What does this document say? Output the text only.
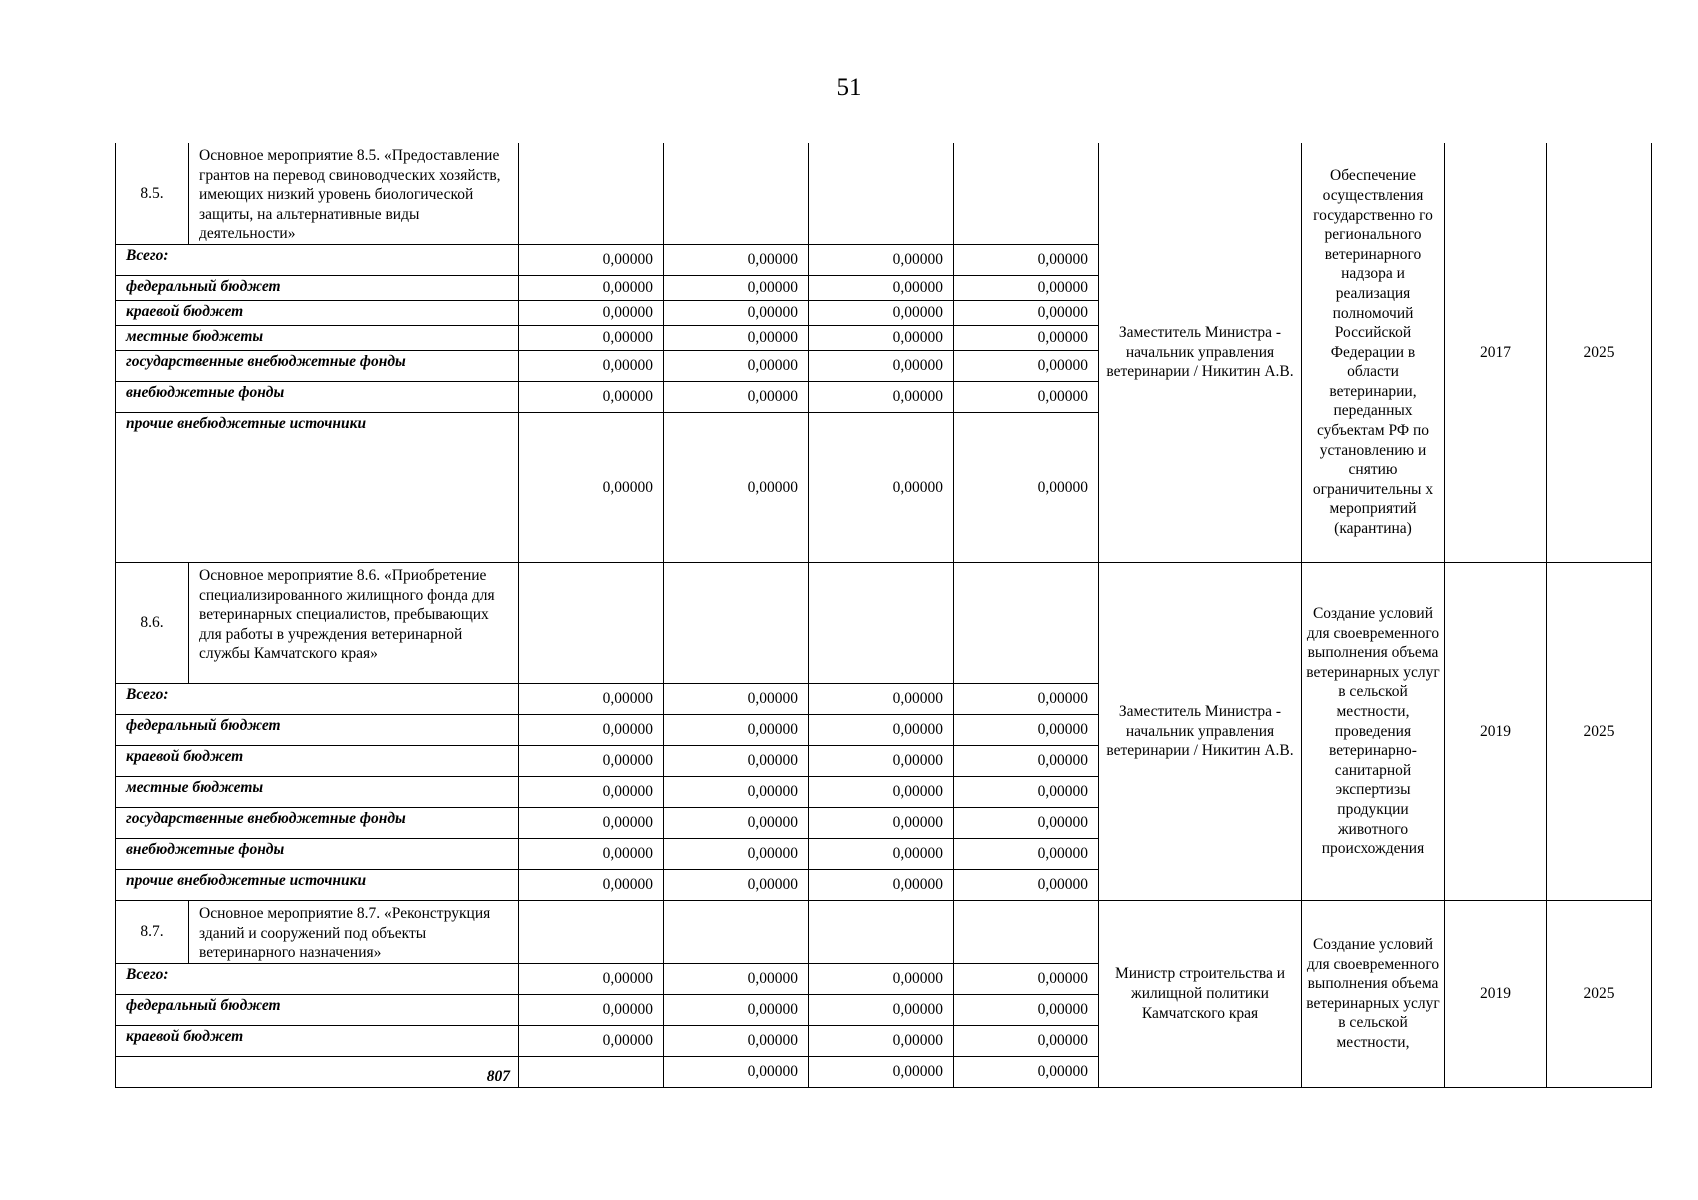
51
8.5.	Основное мероприятие 8.5. «Предоставление грантов на перевод свиноводческих хозяйств, имеющих низкий уровень биологической защиты, на альтернативные виды деятельности»					Заместитель Министра - начальник управления ветеринарии / Никитин А.В.	Обеспечение осуществления государственно го регионального ветеринарного надзора и реализация полномочий Российской Федерации в области ветеринарии, переданных субъектам РФ по установлению и снятию ограничительны х мероприятий (карантина)	2017	2025
Всего:		0,00000	0,00000	0,00000	0,00000				
федеральный бюджет		0,00000	0,00000	0,00000	0,00000				
краевой бюджет		0,00000	0,00000	0,00000	0,00000				
местные бюджеты		0,00000	0,00000	0,00000	0,00000				
государственные внебюджетные фонды		0,00000	0,00000	0,00000	0,00000				
внебюджетные фонды		0,00000	0,00000	0,00000	0,00000				
прочие внебюджетные источники		0,00000	0,00000	0,00000	0,00000				
8.6.	Основное мероприятие 8.6. «Приобретение специализированного жилищного фонда для ветеринарных специалистов, пребывающих для работы в учреждения ветеринарной службы Камчатского края»					Заместитель Министра - начальник управления ветеринарии / Никитин А.В.	Создание условий для своевременного выполнения объема ветеринарных услуг в сельской местности, проведения ветеринарно-санитарной экспертизы продукции животного происхождения	2019	2025
Всего:		0,00000	0,00000	0,00000	0,00000				
федеральный бюджет		0,00000	0,00000	0,00000	0,00000				
краевой бюджет		0,00000	0,00000	0,00000	0,00000				
местные бюджеты		0,00000	0,00000	0,00000	0,00000				
государственные внебюджетные фонды		0,00000	0,00000	0,00000	0,00000				
внебюджетные фонды		0,00000	0,00000	0,00000	0,00000				
прочие внебюджетные источники		0,00000	0,00000	0,00000	0,00000				
8.7.	Основное мероприятие 8.7. «Реконструкция зданий и сооружений под объекты ветеринарного назначения»					Министр строительства и жилищной политики Камчатского края	Создание условий для своевременного выполнения объема ветеринарных услуг в сельской местности,	2019	2025
Всего:		0,00000	0,00000	0,00000	0,00000				
федеральный бюджет		0,00000	0,00000	0,00000	0,00000				
краевой бюджет		0,00000	0,00000	0,00000	0,00000				
807			0,00000	0,00000	0,00000				
